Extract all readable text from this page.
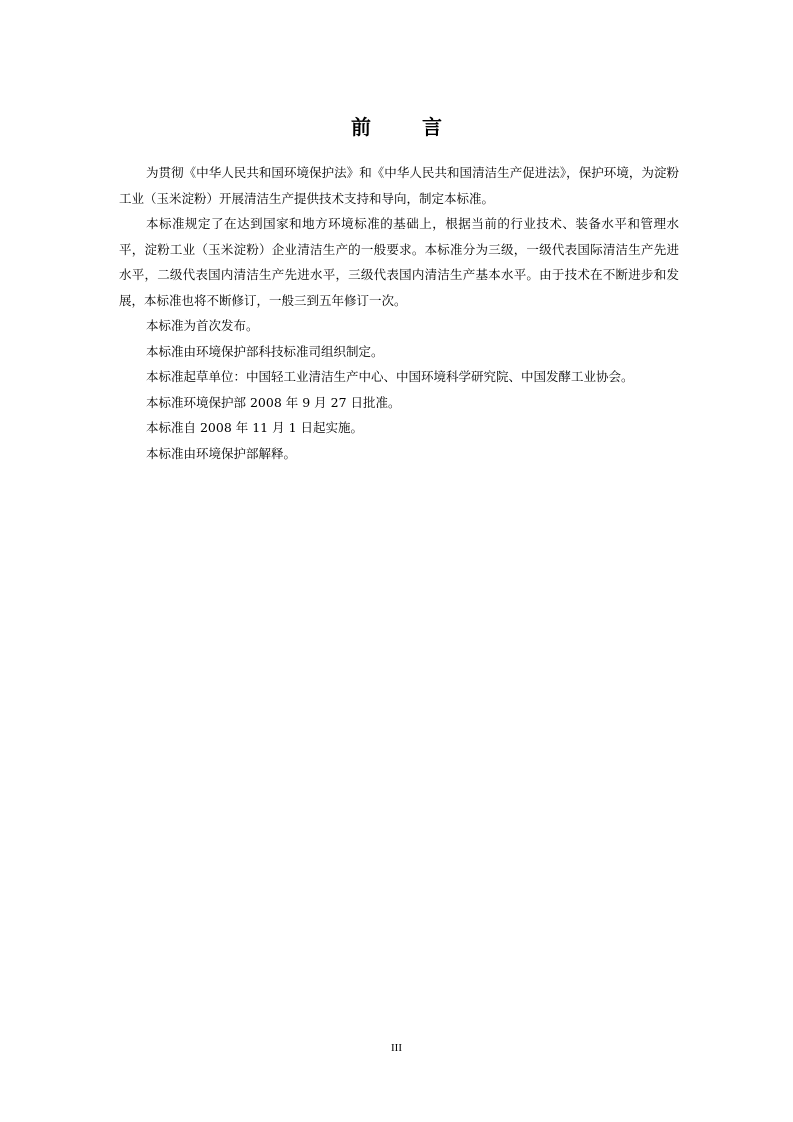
前 言

为贯彻《中华人民共和国环境保护法》和《中华人民共和国清洁生产促进法》，保护环境，为淀粉工业（玉米淀粉）开展清洁生产提供技术支持和导向，制定本标准。

本标准规定了在达到国家和地方环境标准的基础上，根据当前的行业技术、装备水平和管理水平，淀粉工业（玉米淀粉）企业清洁生产的一般要求。本标准分为三级，一级代表国际清洁生产先进水平，二级代表国内清洁生产先进水平，三级代表国内清洁生产基本水平。由于技术在不断进步和发展，本标准也将不断修订，一般三到五年修订一次。

本标准为首次发布。

本标准由环境保护部科技标准司组织制定。

本标准起草单位：中国轻工业清洁生产中心、中国环境科学研究院、中国发酵工业协会。

本标准环境保护部 2008 年 9 月 27 日批准。

本标准自 2008 年 11 月 1 日起实施。

本标准由环境保护部解释。

III
